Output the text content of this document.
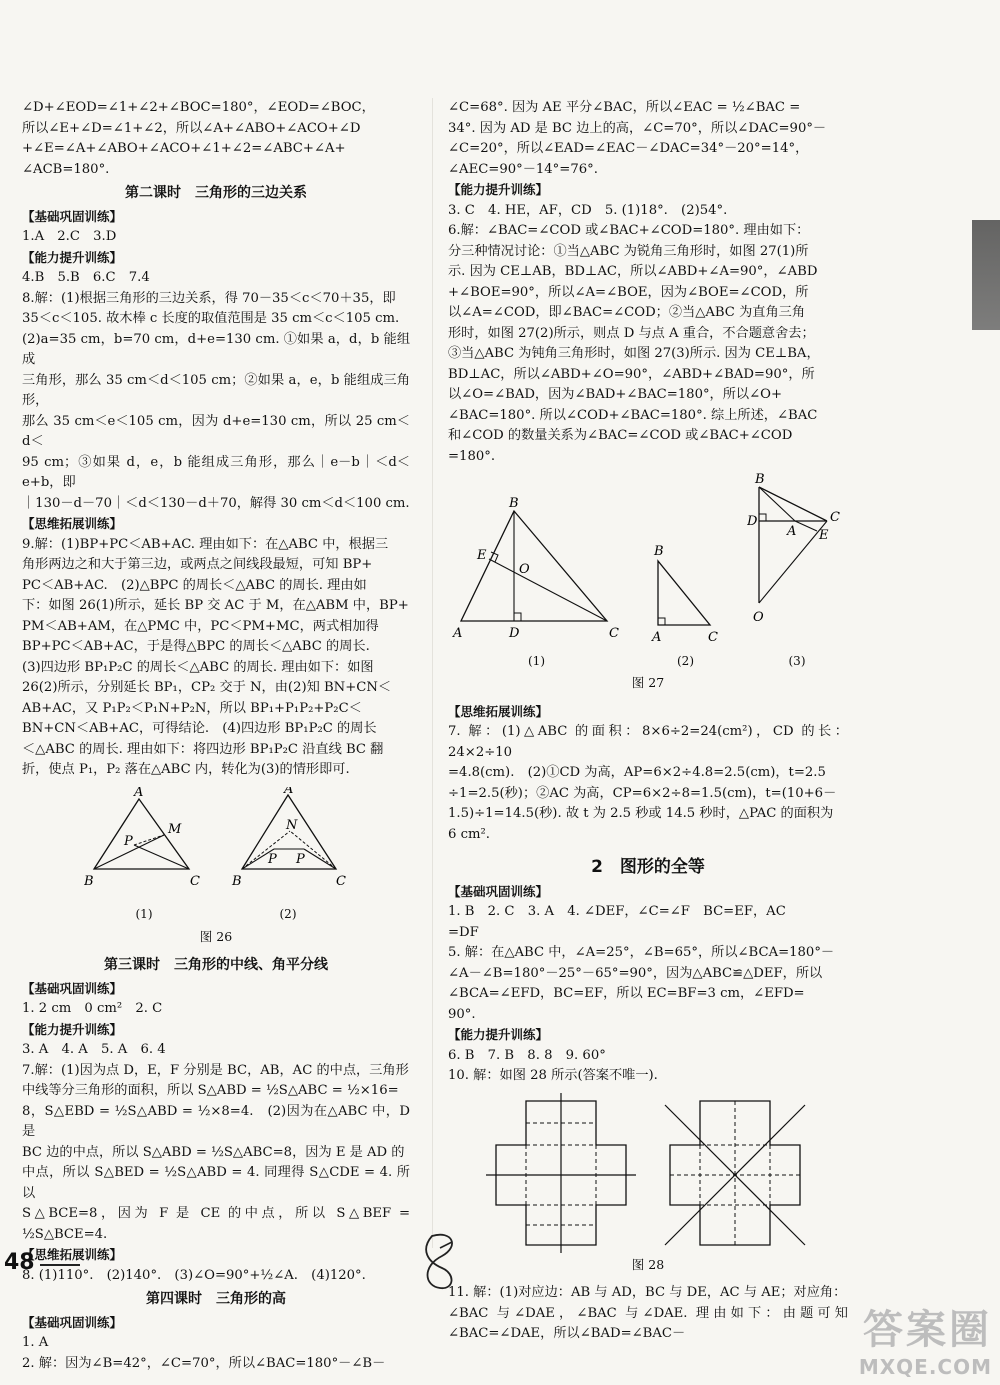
∠D+∠EOD=∠1+∠2+∠BOC=180°，∠EOD=∠BOC，

所以∠E+∠D=∠1+∠2，所以∠A+∠ABO+∠ACO+∠D

+∠E=∠A+∠ABO+∠ACO+∠1+∠2=∠ABC+∠A+

∠ACB=180°.

第二课时　三角形的三边关系

【基础巩固训练】

1.A　2.C　3.D

【能力提升训练】

4.B　5.B　6.C　7.4

8.解：(1)根据三角形的三边关系，得 70－35＜c＜70＋35，即

35＜c＜105. 故木棒 c 长度的取值范围是 35 cm＜c＜105 cm.

(2)a=35 cm，b=70 cm，d+e=130 cm. ①如果 a，d，b 能组成

三角形，那么 35 cm＜d＜105 cm；②如果 a，e，b 能组成三角形，

那么 35 cm＜e＜105 cm，因为 d+e=130 cm，所以 25 cm＜d＜

95 cm；③如果 d，e，b 能组成三角形，那么｜e－b｜＜d＜e+b，即

｜130－d－70｜＜d＜130－d＋70，解得 30 cm＜d＜100 cm.

【思维拓展训练】

9.解：(1)BP+PC＜AB+AC. 理由如下：在△ABC 中，根据三

角形两边之和大于第三边，或两点之间线段最短，可知 BP+

PC＜AB+AC.　(2)△BPC 的周长＜△ABC 的周长. 理由如

下：如图 26(1)所示，延长 BP 交 AC 于 M，在△ABM 中，BP+

PM＜AB+AM，在△PMC 中，PC＜PM+MC，两式相加得

BP+PC＜AB+AC，于是得△BPC 的周长＜△ABC 的周长.

(3)四边形 BP₁P₂C 的周长＜△ABC 的周长. 理由如下：如图

26(2)所示，分别延长 BP₁，CP₂ 交于 N，由(2)知 BN+CN＜

AB+AC，又 P₁P₂＜P₁N+P₂N，所以 BP₁+P₁P₂+P₂C＜

BN+CN＜AB+AC，可得结论.　(4)四边形 BP₁P₂C 的周长

＜△ABC 的周长. 理由如下：将四边形 BP₁P₂C 沿直线 BC 翻

折，使点 P₁，P₂ 落在△ABC 内，转化为(3)的情形即可.

A
B	C
M
P
(1)
A
B	C
N
P P
(2)
图 26
第三课时　三角形的中线、角平分线

【基础巩固训练】

1. 2 cm　0 cm²　2. C

【能力提升训练】

3. A　4. A　5. A　6. 4

7.解：(1)因为点 D，E，F 分别是 BC，AB，AC 的中点，三角形

中线等分三角形的面积，所以 S△ABD = ½S△ABC = ½×16=

8，S△EBD = ½S△ABD = ½×8=4.　(2)因为在△ABC 中，D 是

BC 边的中点，所以 S△ABD = ½S△ABC=8，因为 E 是 AD 的

中点，所以 S△BED = ½S△ABD = 4. 同理得 S△CDE = 4. 所以

S△BCE=8，因为 F 是 CE 的中点，所以 S△BEF = ½S△BCE=4.

【思维拓展训练】

8. (1)110°.　(2)140°.　(3)∠O=90°+½∠A.　(4)120°.

第四课时　三角形的高

【基础巩固训练】

1. A

2. 解：因为∠B=42°，∠C=70°，所以∠BAC=180°－∠B－

∠C=68°. 因为 AE 平分∠BAC，所以∠EAC = ½∠BAC =

34°. 因为 AD 是 BC 边上的高，∠C=70°，所以∠DAC=90°－

∠C=20°，所以∠EAD=∠EAC－∠DAC=34°－20°=14°，

∠AEC=90°－14°=76°.

【能力提升训练】

3. C　4. HE，AF，CD　5. (1)18°.　(2)54°.

6.解：∠BAC=∠COD 或∠BAC+∠COD=180°. 理由如下：

分三种情况讨论：①当△ABC 为锐角三角形时，如图 27(1)所

示. 因为 CE⊥AB，BD⊥AC，所以∠ABD+∠A=90°，∠ABD

+∠BOE=90°，所以∠A=∠BOE，因为∠BOE=∠COD，所

以∠A=∠COD，即∠BAC=∠COD；②当△ABC 为直角三角

形时，如图 27(2)所示，则点 D 与点 A 重合，不合题意舍去；

③当△ABC 为钝角三角形时，如图 27(3)所示. 因为 CE⊥BA，

BD⊥AC，所以∠ABD+∠O=90°，∠ABD+∠BAD=90°，所

以∠O=∠BAD，因为∠BAD+∠BAC=180°，所以∠O+

∠BAC=180°. 所以∠COD+∠BAC=180°. 综上所述，∠BAC

和∠COD 的数量关系为∠BAC=∠COD 或∠BAC+∠COD

=180°.

B
A	C
D
E
O
(1)
B
A	C
(2)
B
C
D
A E
O
(3)
图 27

【思维拓展训练】

7. 解：(1)△ABC 的面积：8×6÷2=24(cm²)，CD 的长：24×2÷10

=4.8(cm).　(2)①CD 为高，AP=6×2÷4.8=2.5(cm)，t=2.5

÷1=2.5(秒)；②AC 为高，CP=6×2÷8=1.5(cm)，t=(10+6－

1.5)÷1=14.5(秒). 故 t 为 2.5 秒或 14.5 秒时，△PAC 的面积为

6 cm².

2　图形的全等

【基础巩固训练】

1. B　2. C　3. A　4. ∠DEF，∠C=∠F　BC=EF，AC

=DF

5. 解：在△ABC 中，∠A=25°，∠B=65°，所以∠BCA=180°－

∠A－∠B=180°－25°－65°=90°，因为△ABC≌△DEF，所以

∠BCA=∠EFD，BC=EF，所以 EC=BF=3 cm，∠EFD=

90°.

【能力提升训练】

6. B　7. B　8. 8　9. 60°

10. 解：如图 28 所示(答案不唯一).

图 28

11. 解：(1)对应边：AB 与 AD，BC 与 DE，AC 与 AE；对应角：

∠BAC 与∠DAE，∠BAC 与∠DAE. 理由如下：由题可知∠BAC=∠DAE，所以∠BAD=∠BAC－

48
答案圈
MXQE.COM
